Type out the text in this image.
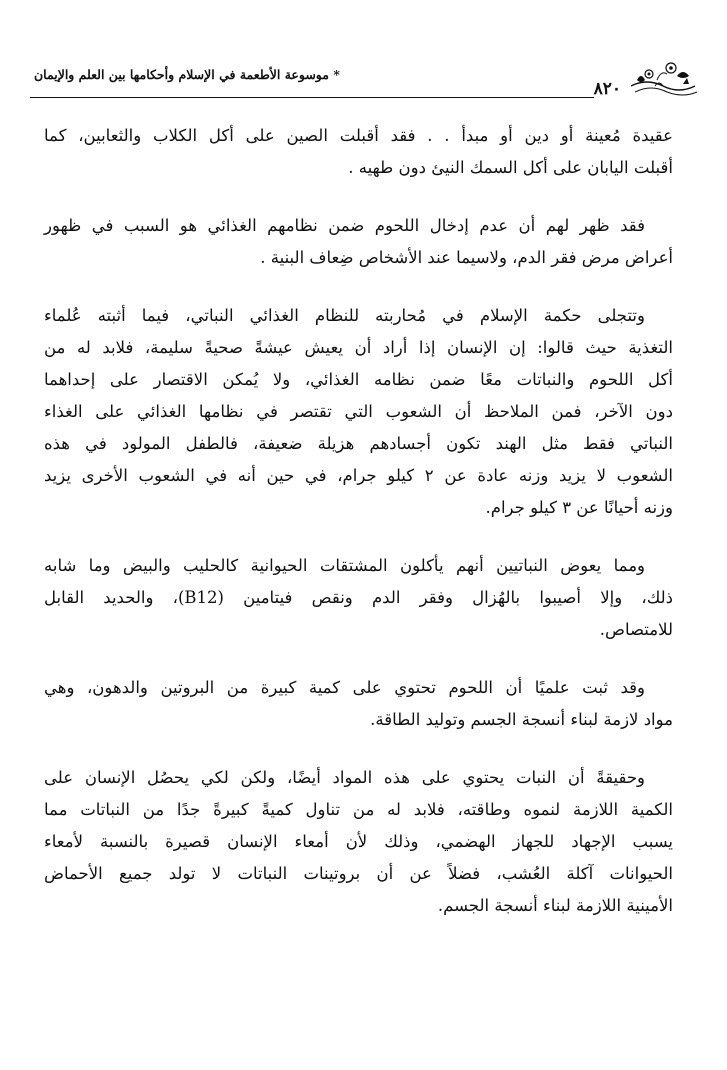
٨٢٠
* موسوعة الأطعمة في الإسلام وأحكامها بين العلم والإيمان
عقيدة مُعينة أو دين أو مبدأ . . فقد أقبلت الصين على أكل الكلاب والثعابين، كما
أقبلت اليابان على أكل السمك النيئ دون طهيه .
فقد ظهر لهم أن عدم إدخال اللحوم ضمن نظامهم الغذائي هو السبب في ظهور
أعراض مرض فقر الدم، ولاسيما عند الأشخاص ضِعاف البنية .
وتتجلى حكمة الإسلام في مُحاربته للنظام الغذائي النباتي، فيما أثبته عُلماء
التغذية حيث قالوا: إن الإنسان إذا أراد أن يعيش عيشةً صحيةً سليمة، فلابد له من
أكل اللحوم والنباتات معًا ضمن نظامه الغذائي، ولا يُمكن الاقتصار على إحداهما
دون الآخر، فمن الملاحظ أن الشعوب التي تقتصر في نظامها الغذائي على الغذاء
النباتي فقط مثل الهند تكون أجسادهم هزيلة ضعيفة، فالطفل المولود في هذه
الشعوب لا يزيد وزنه عادة عن ٢ كيلو جرام، في حين أنه في الشعوب الأخرى يزيد
وزنه أحيانًا عن ٣ كيلو جرام.
ومما يعوض النباتيين أنهم يأكلون المشتقات الحيوانية كالحليب والبيض وما شابه
ذلك، وإلا أصيبوا بالهُزال وفقر الدم ونقص فيتامين (B12)، والحديد القابل
للامتصاص.
وقد ثبت علميًا أن اللحوم تحتوي على كمية كبيرة من البروتين والدهون، وهي
مواد لازمة لبناء أنسجة الجسم وتوليد الطاقة.
وحقيقةً أن النبات يحتوي على هذه المواد أيضًا، ولكن لكي يحصُل الإنسان على
الكمية اللازمة لنموه وطاقته، فلابد له من تناول كميةً كبيرةً جدًا من النباتات مما
يسبب الإجهاد للجهاز الهضمي، وذلك لأن أمعاء الإنسان قصيرة بالنسبة لأمعاء
الحيوانات آكلة العُشب، فضلاً عن أن بروتينات النباتات لا تولد جميع الأحماض
الأمينية اللازمة لبناء أنسجة الجسم.
